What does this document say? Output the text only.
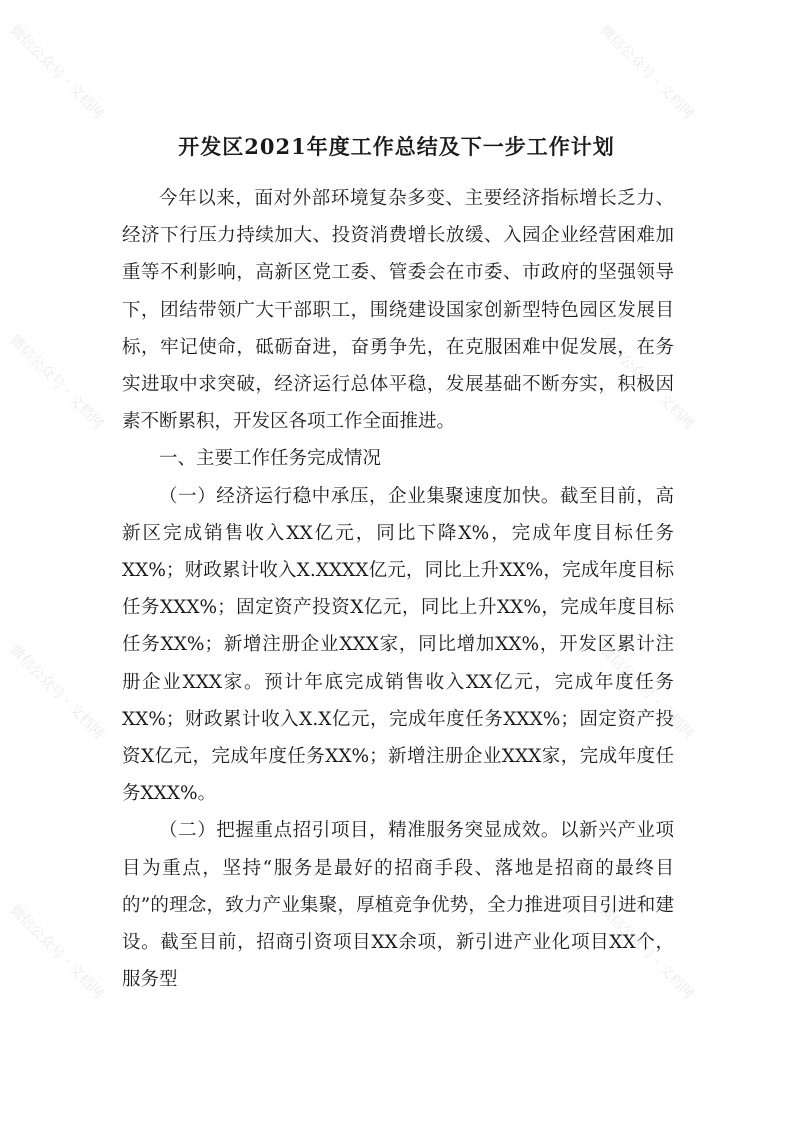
微信公众号 · 文档网	微信公众号 · 文档网
微信公众号 · 文档网	微信公众号 · 文档网
微信公众号 · 文档网	微信公众号 · 文档网
微信公众号 · 文档网	微信公众号 · 文档网
开发区2021年度工作总结及下一步工作计划

今年以来，面对外部环境复杂多变、主要经济指标增长乏力、经济下行压力持续加大、投资消费增长放缓、入园企业经营困难加重等不利影响，高新区党工委、管委会在市委、市政府的坚强领导下，团结带领广大干部职工，围绕建设国家创新型特色园区发展目标，牢记使命，砥砺奋进，奋勇争先，在克服困难中促发展，在务实进取中求突破，经济运行总体平稳，发展基础不断夯实，积极因素不断累积，开发区各项工作全面推进。

一、主要工作任务完成情况

（一）经济运行稳中承压，企业集聚速度加快。截至目前，高新区完成销售收入XX亿元，同比下降X%，完成年度目标任务XX%；财政累计收入X.XXXX亿元，同比上升XX%，完成年度目标任务XXX%；固定资产投资X亿元，同比上升XX%，完成年度目标任务XX%；新增注册企业XXX家，同比增加XX%，开发区累计注册企业XXX家。预计年底完成销售收入XX亿元，完成年度任务XX%；财政累计收入X.X亿元，完成年度任务XXX%；固定资产投资X亿元，完成年度任务XX%；新增注册企业XXX家，完成年度任务XXX%。

（二）把握重点招引项目，精准服务突显成效。以新兴产业项目为重点，坚持“服务是最好的招商手段、落地是招商的最终目的”的理念，致力产业集聚，厚植竞争优势，全力推进项目引进和建设。截至目前，招商引资项目XX余项，新引进产业化项目XX个，服务型
